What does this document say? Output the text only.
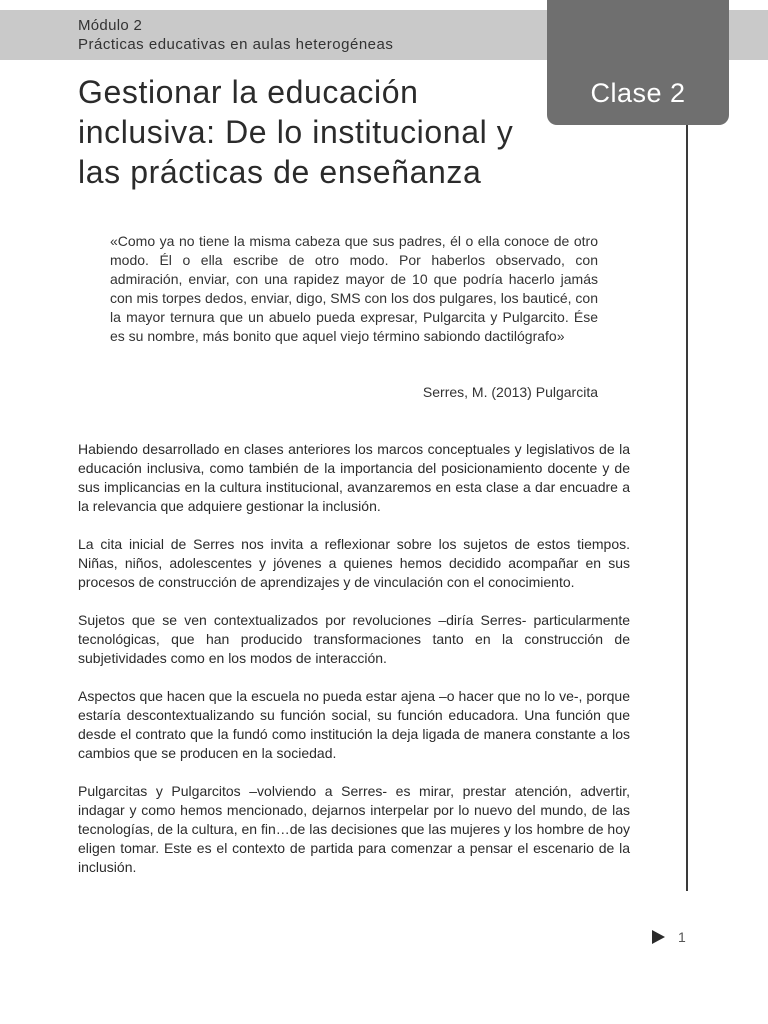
Módulo 2
Prácticas educativas en aulas heterogéneas
Clase 2
Gestionar la educación inclusiva: De lo institucional y las prácticas de enseñanza
«Como ya no tiene la misma cabeza que sus padres, él o ella conoce de otro modo. Él o ella escribe de otro modo. Por haberlos observado, con admiración, enviar, con una rapidez mayor de 10 que podría hacerlo jamás con mis torpes dedos, enviar, digo, SMS con los dos pulgares, los bauticé, con la mayor ternura que un abuelo pueda expresar, Pulgarcita y Pulgarcito. Ése es su nombre, más bonito que aquel viejo término sabiondo dactilógrafo»
Serres, M. (2013) Pulgarcita

Habiendo desarrollado en clases anteriores los marcos conceptuales y legislativos de la educación inclusiva, como también de la importancia del posicionamiento docente y de sus implicancias en la cultura institucional, avanzaremos en esta clase a dar encuadre a la relevancia que adquiere gestionar la inclusión.

La cita inicial de Serres nos invita a reflexionar sobre los sujetos de estos tiempos. Niñas, niños, adolescentes y jóvenes a quienes hemos decidido acompañar en sus procesos de construcción de aprendizajes y de vinculación con el conocimiento.

Sujetos que se ven contextualizados por revoluciones –diría Serres- particularmente tecnológicas, que han producido transformaciones tanto en la construcción de subjetividades como en los modos de interacción.

Aspectos que hacen que la escuela no pueda estar ajena –o hacer que no lo ve-, porque estaría descontextualizando su función social, su función educadora. Una función que desde el contrato que la fundó como institución la deja ligada de manera constante a los cambios que se producen en la sociedad.

Pulgarcitas y Pulgarcitos –volviendo a Serres- es mirar, prestar atención, advertir, indagar y como hemos mencionado, dejarnos interpelar por lo nuevo del mundo, de las tecnologías, de la cultura, en fin…de las decisiones que las mujeres y los hombre de hoy eligen tomar. Este es el contexto de partida para comenzar a pensar el escenario de la inclusión.

1
